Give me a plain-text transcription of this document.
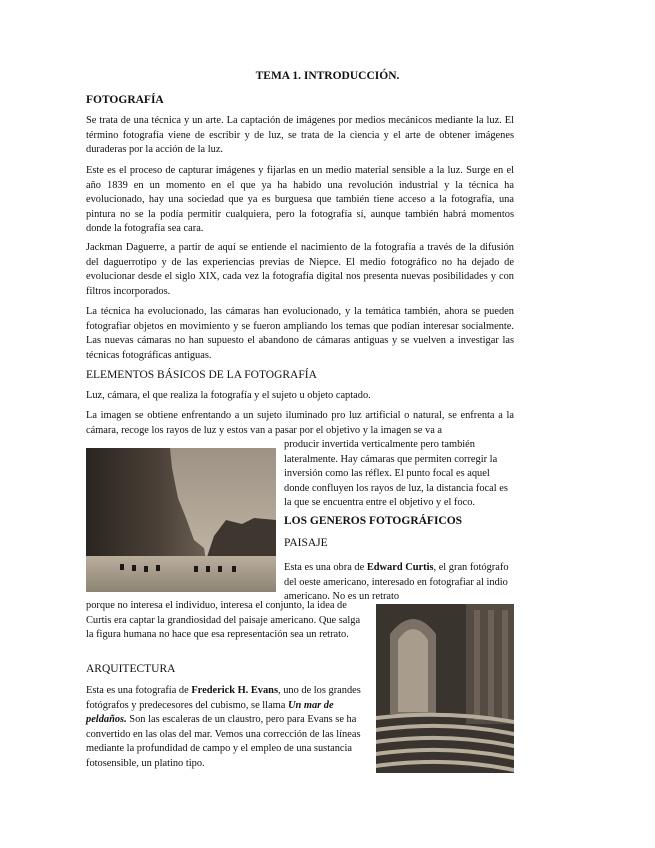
TEMA 1. INTRODUCCIÓN.
FOTOGRAFÍA

Se trata de una técnica y un arte. La captación de imágenes por medios mecánicos mediante la luz. El término fotografía viene de escribir y de luz, se trata de la ciencia y el arte de obtener imágenes duraderas por la acción de la luz.

Este es el proceso de capturar imágenes y fijarlas en un medio material sensible a la luz. Surge en el año 1839 en un momento en el que ya ha habido una revolución industrial y la técnica ha evolucionado, hay una sociedad que ya es burguesa que también tiene acceso a la fotografía, una pintura no se la podía permitir cualquiera, pero la fotografía sí, aunque también habrá momentos donde la fotografía sea cara.

Jackman Daguerre, a partir de aquí se entiende el nacimiento de la fotografía a través de la difusión del daguerrotipo y de las experiencias previas de Niepce. El medio fotográfico no ha dejado de evolucionar desde el siglo XIX, cada vez la fotografía digital nos presenta nuevas posibilidades y con filtros incorporados.

La técnica ha evolucionado, las cámaras han evolucionado, y la temática también, ahora se pueden fotografiar objetos en movimiento y se fueron ampliando los temas que podían interesar socialmente. Las nuevas cámaras no han supuesto el abandono de cámaras antiguas y se vuelven a investigar las técnicas fotográficas antiguas.

ELEMENTOS BÁSICOS DE LA FOTOGRAFÍA

Luz, cámara, el que realiza la fotografía y el sujeto u objeto captado.

La imagen se obtiene enfrentando a un sujeto iluminado pro luz artificial o natural, se enfrenta a la cámara, recoge los rayos de luz y estos van a pasar por el objetivo y la imagen se va a

producir invertida verticalmente pero también lateralmente. Hay cámaras que permiten corregir la inversión como las réflex. El punto focal es aquel donde confluyen los rayos de luz, la distancia focal es la que se encuentra entre el objetivo y el foco.

LOS GENEROS FOTOGRÁFICOS
PAISAJE

Esta es una obra de Edward Curtis, el gran fotógrafo del oeste americano, interesado en fotografiar al indio americano. No es un retrato

porque no interesa el individuo, interesa el conjunto, la idea de Curtis era captar la grandiosidad del paisaje americano. Que salga la figura humana no hace que esa representación sea un retrato.

ARQUITECTURA

Esta es una fotografía de Frederick H. Evans, uno de los grandes fotógrafos y predecesores del cubismo, se llama Un mar de peldaños. Son las escaleras de un claustro, pero para Evans se ha convertido en las olas del mar. Vemos una corrección de las líneas mediante la profundidad de campo y el empleo de una sustancia fotosensible, un platino tipo.
